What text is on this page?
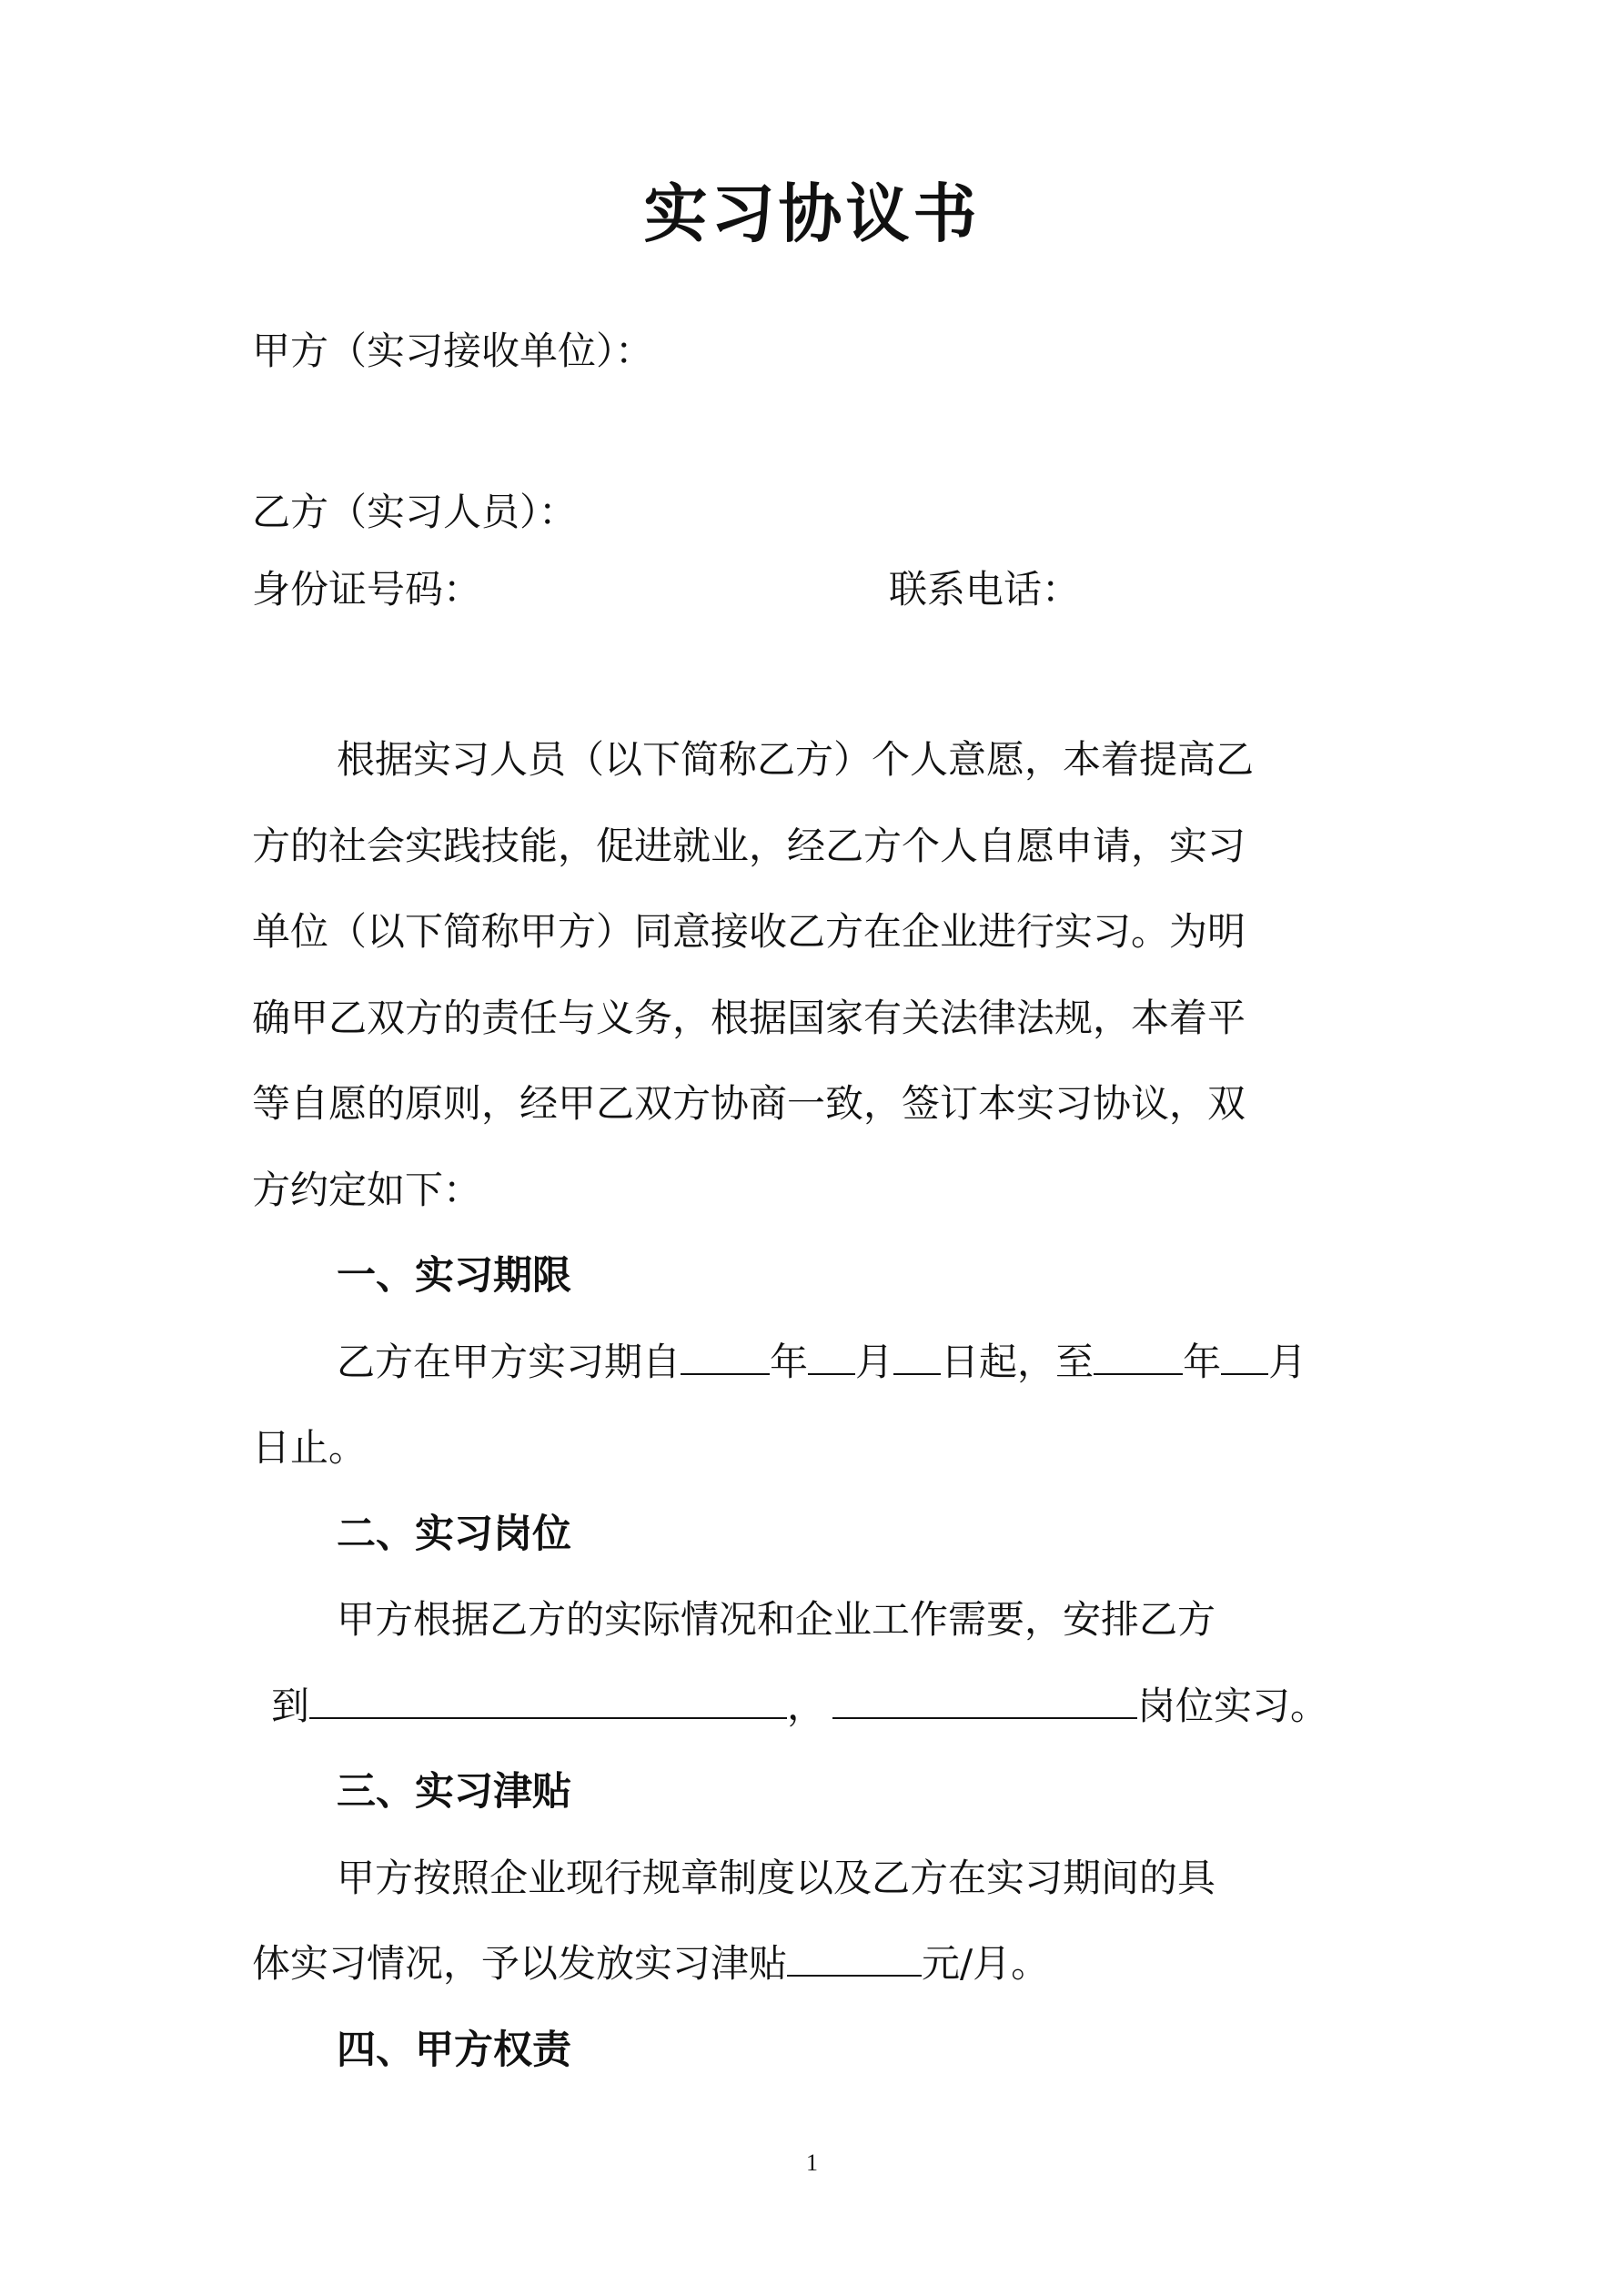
实习协议书
甲方（实习接收单位）：
乙方（实习人员）：
身份证号码：	联系电话：
根据实习人员（以下简称乙方）个人意愿，本着提高乙
方的社会实践技能，促进就业，经乙方个人自愿申请，实习
单位（以下简称甲方）同意接收乙方在企业进行实习。为明
确甲乙双方的责任与义务，根据国家有关法律法规，本着平
等自愿的原则，经甲乙双方协商一致，签订本实习协议，双
方约定如下：
一、实习期限
乙方在甲方实习期自 年 月 日起，至 年 月
日止。
二、实习岗位
甲方根据乙方的实际情况和企业工作需要，安排乙方
到	，	岗位实习。
三、实习津贴
甲方按照企业现行规章制度以及乙方在实习期间的具
体实习情况，予以发放实习津贴	元/月。
四、甲方权责
1
